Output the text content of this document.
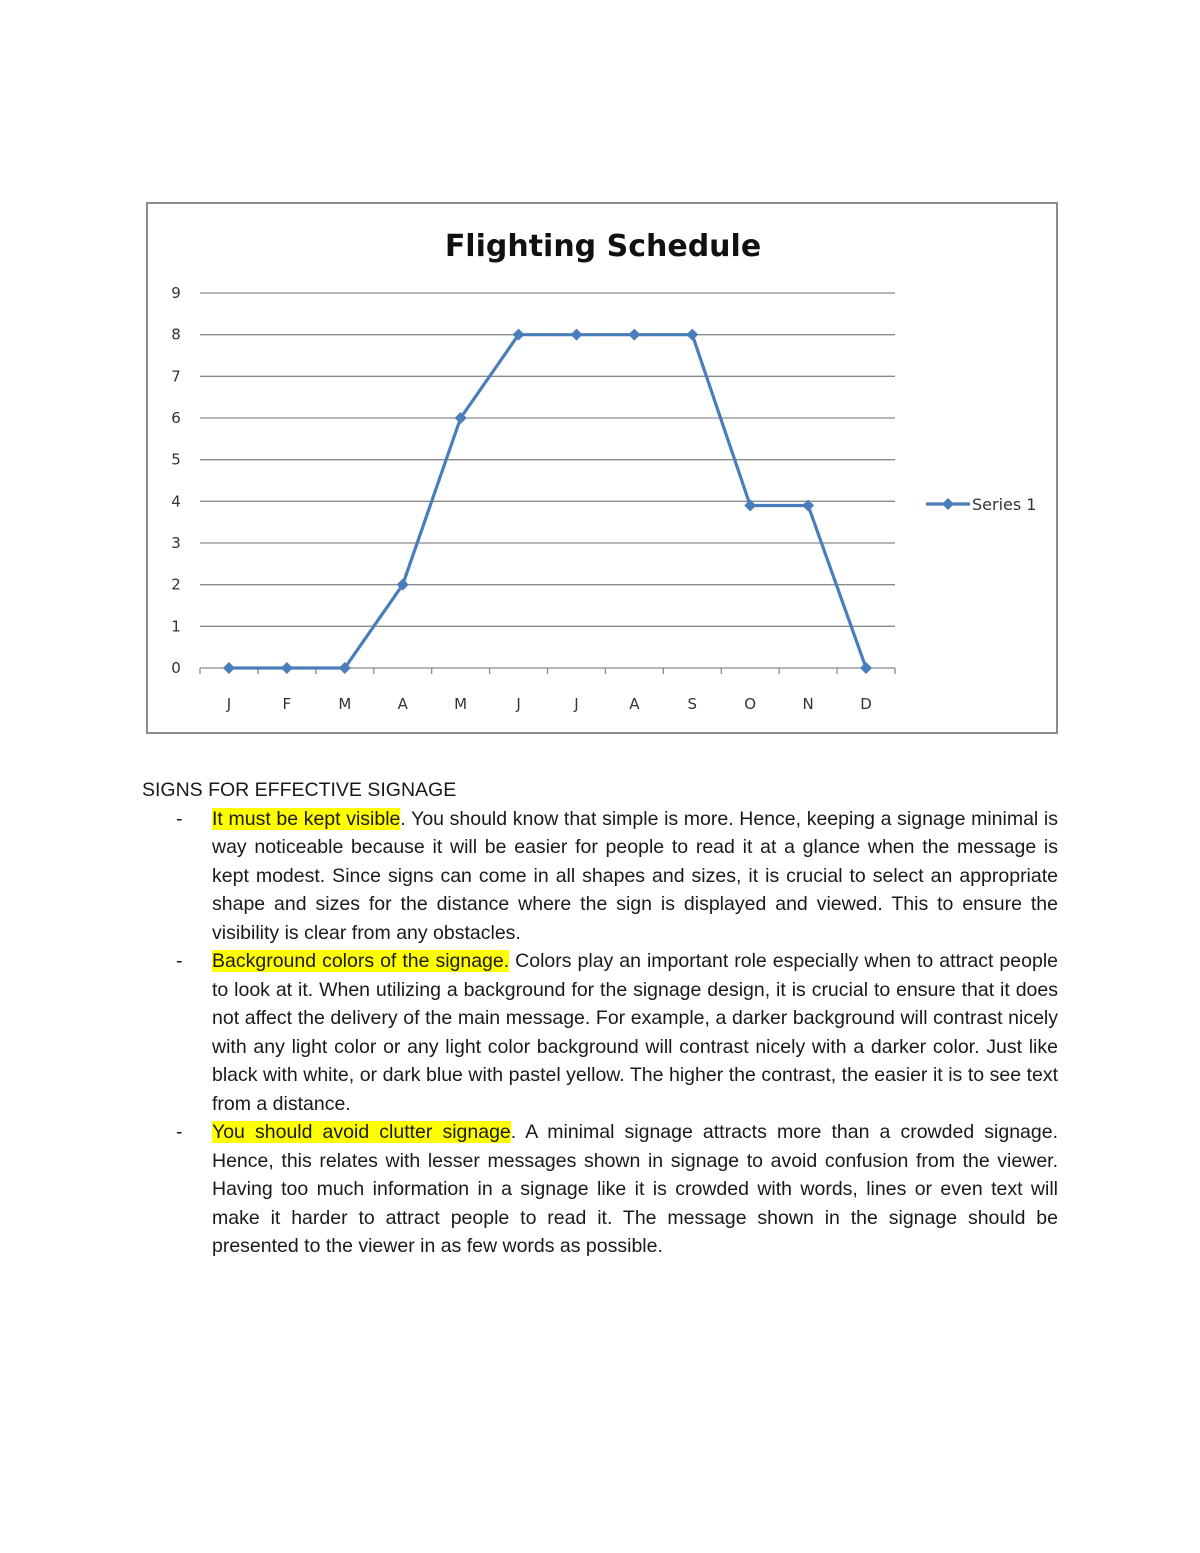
Flighting Schedule
0
1
2
3
4
5
6
7
8
9
J	F	M	A	M	J	J	A	S	O	N	D
Series 1

SIGNS FOR EFFECTIVE SIGNAGE

- It must be kept visible. You should know that simple is more. Hence, keeping a signage minimal is way noticeable because it will be easier for people to read it at a glance when the message is kept modest. Since signs can come in all shapes and sizes, it is crucial to select an appropriate shape and sizes for the distance where the sign is displayed and viewed. This to ensure the visibility is clear from any obstacles.
- Background colors of the signage. Colors play an important role especially when to attract people to look at it. When utilizing a background for the signage design, it is crucial to ensure that it does not affect the delivery of the main message. For example, a darker background will contrast nicely with any light color or any light color background will contrast nicely with a darker color. Just like black with white, or dark blue with pastel yellow. The higher the contrast, the easier it is to see text from a distance.
- You should avoid clutter signage. A minimal signage attracts more than a crowded signage. Hence, this relates with lesser messages shown in signage to avoid confusion from the viewer. Having too much information in a signage like it is crowded with words, lines or even text will make it harder to attract people to read it. The message shown in the signage should be presented to the viewer in as few words as possible.
